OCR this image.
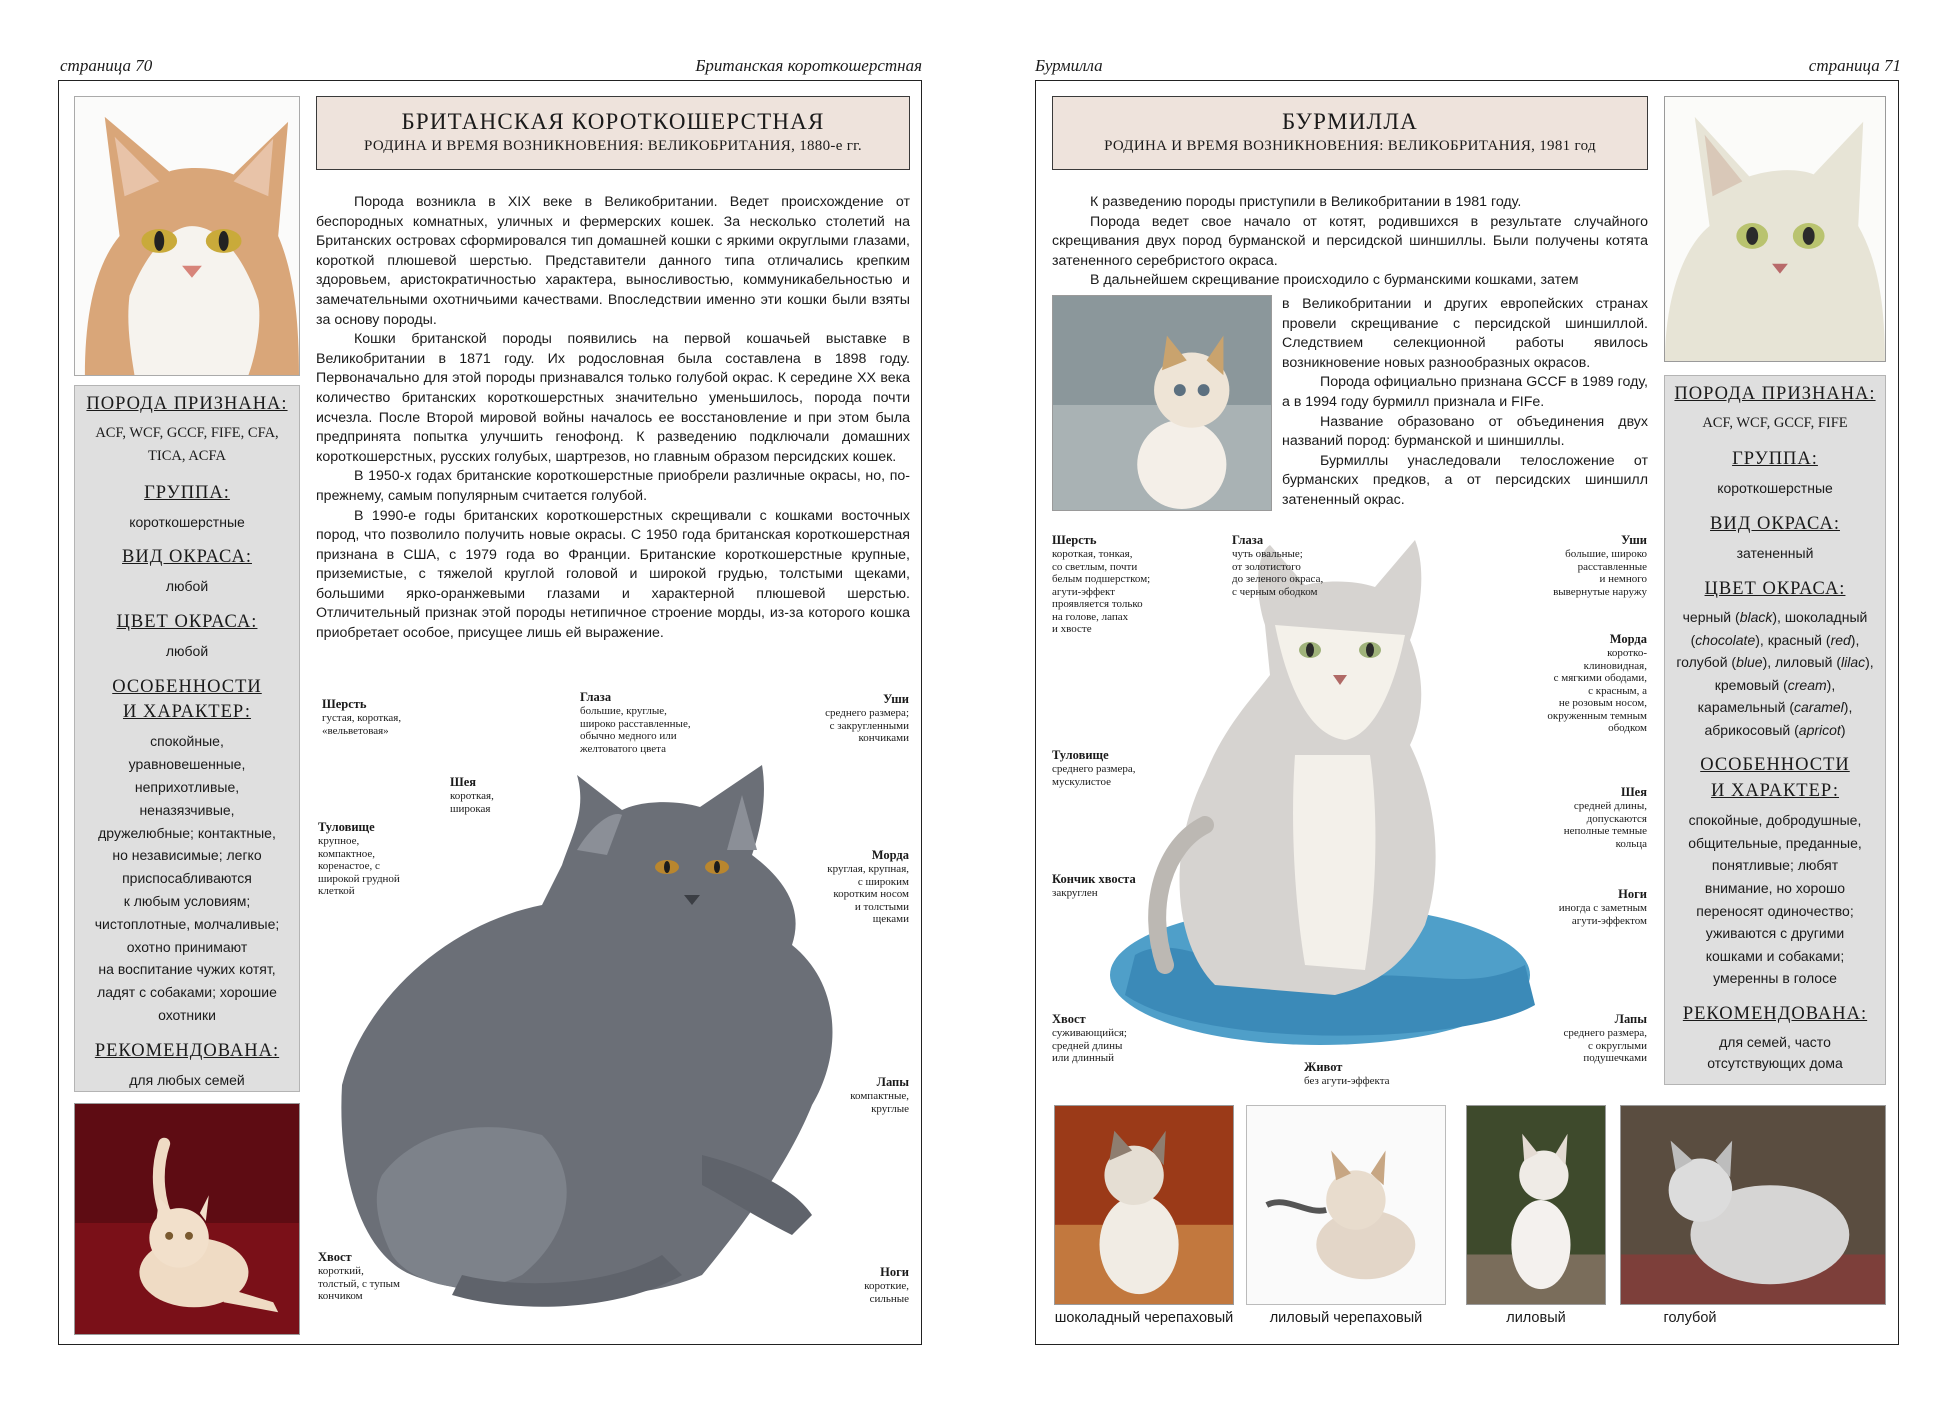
страница 70	Британская короткошерстная
БРИТАНСКАЯ КОРОТКОШЕРСТНАЯ
РОДИНА И ВРЕМЯ ВОЗНИКНОВЕНИЯ: ВЕЛИКОБРИТАНИЯ, 1880-е гг.
ПОРОДА ПРИЗНАНА:
ACF, WCF, GCCF, FIFE, CFA,
TICA, ACFA
ГРУППА:
короткошерстные
ВИД ОКРАСА:
любой
ЦВЕТ ОКРАСА:
любой
ОСОБЕННОСТИ
И ХАРАКТЕР:
спокойные,
уравновешенные,
неприхотливые,
неназязчивые,
дружелюбные; контактные,
но независимые; легко
приспосабливаются
к любым условиям;
чистоплотные, молчаливые;
охотно принимают
на воспитание чужих котят,
ладят с собаками; хорошие
охотники
РЕКОМЕНДОВАНА:
для любых семей

Порода возникла в XIX веке в Великобритании. Ведет происхождение от беспородных комнатных, уличных и фермерских кошек. За несколько столетий на Британских островах сформировался тип домашней кошки с яркими округлыми глазами, короткой плюшевой шерстью. Представители данного типа отличались крепким здоровьем, аристократичностью характера, выносливостью, коммуникабельностью и замечательными охотничьими качествами. Впоследствии именно эти кошки были взяты за основу породы.

Кошки британской породы появились на первой кошачьей выставке в Великобритании в 1871 году. Их родословная была составлена в 1898 году. Первоначально для этой породы признавался только голубой окрас. К середине XX века количество британских короткошерстных значительно уменьшилось, порода почти исчезла. После Второй мировой войны началось ее восстановление и при этом была предпринята попытка улучшить генофонд. К разведению подключали домашних короткошерстных, русских голубых, шартрезов, но главным образом персидских кошек.

В 1950-х годах британские короткошерстные приобрели различные окрасы, но, по-прежнему, самым популярным считается голубой.

В 1990-е годы британских короткошерстных скрещивали с кошками восточных пород, что позволило получить новые окрасы. С 1950 года британская короткошерстная признана в США, с 1979 года во Франции. Британские короткошерстные крупные, приземистые, с тяжелой круглой головой и широкой грудью, толстыми щеками, большими ярко-оранжевыми глазами и характерной плюшевой шерстью. Отличительный признак этой породы нетипичное строение морды, из-за которого кошка приобретает особое, присущее лишь ей выражение.

Шерсть
густая, короткая,
«вельветовая»
Глаза
большие, круглые,
широко расставленные,
обычно медного или
желтоватого цвета
Уши
среднего размера;
с закругленными
кончиками
Шея
короткая,
широкая
Туловище
крупное,
компактное,
коренастое, с
широкой грудной
клеткой
Морда
круглая, крупная,
с широким
коротким носом
и толстыми
щеками
Лапы
компактные,
круглые
Хвост
короткий,
толстый, с тупым
кончиком
Ноги
короткие,
сильные
Бурмилла	страница 71
БУРМИЛЛА
РОДИНА И ВРЕМЯ ВОЗНИКНОВЕНИЯ: ВЕЛИКОБРИТАНИЯ, 1981 год

К разведению породы приступили в Великобритании в 1981 году.

Порода ведет свое начало от котят, родившихся в результате случайного скрещивания двух пород бурманской и персидской шиншиллы. Были получены котята затененного серебристого окраса.

В дальнейшем скрещивание происходило с бурманскими кошками, затем

в Великобритании и других европейских странах провели скрещивание с персидской шиншиллой. Следствием селекционной работы явилось возникновение новых разнообразных окрасов.

Порода официально признана GCCF в 1989 году, а в 1994 году бурмилл признала и FIFe.

Название образовано от объединения двух названий пород: бурманской и шиншиллы.

Бурмиллы унаследовали телосложение от бурманских предков, а от персидских шиншилл затененный окрас.

ПОРОДА ПРИЗНАНА:
ACF, WCF, GCCF, FIFE
ГРУППА:
короткошерстные
ВИД ОКРАСА:
затененный
ЦВЕТ ОКРАСА:
черный (black), шоколадный (chocolate), красный (red), голубой (blue), лиловый (lilac), кремовый (cream), карамельный (caramel), абрикосовый (apricot)
ОСОБЕННОСТИ
И ХАРАКТЕР:
спокойные, добродушные,
общительные, преданные,
понятливые; любят
внимание, но хорошо
переносят одиночество;
уживаются с другими
кошками и собаками;
умеренны в голосе
РЕКОМЕНДОВАНА:
для семей, часто
отсутствующих дома
Шерсть
короткая, тонкая,
со светлым, почти
белым подшерстком;
агути-эффект
проявляется только
на голове, лапах
и хвосте
Глаза
чуть овальные;
от золотистого
до зеленого окраса,
с черным ободком
Уши
большие, широко
расставленные
и немного
вывернутые наружу
Морда
коротко-
клиновидная,
с мягкими ободами,
с красным, а
не розовым носом,
окруженным темным
ободком
Туловище
среднего размера,
мускулистое
Шея
средней длины,
допускаются
неполные темные
кольца
Кончик хвоста
закруглен	Ноги
иногда с заметным
агути-эффектом
Хвост
суживающийся;
средней длины
или длинный
Лапы
среднего размера,
с округлыми
подушечками
Живот
без агути-эффекта
шоколадный черепаховый	лиловый черепаховый	лиловый	голубой
